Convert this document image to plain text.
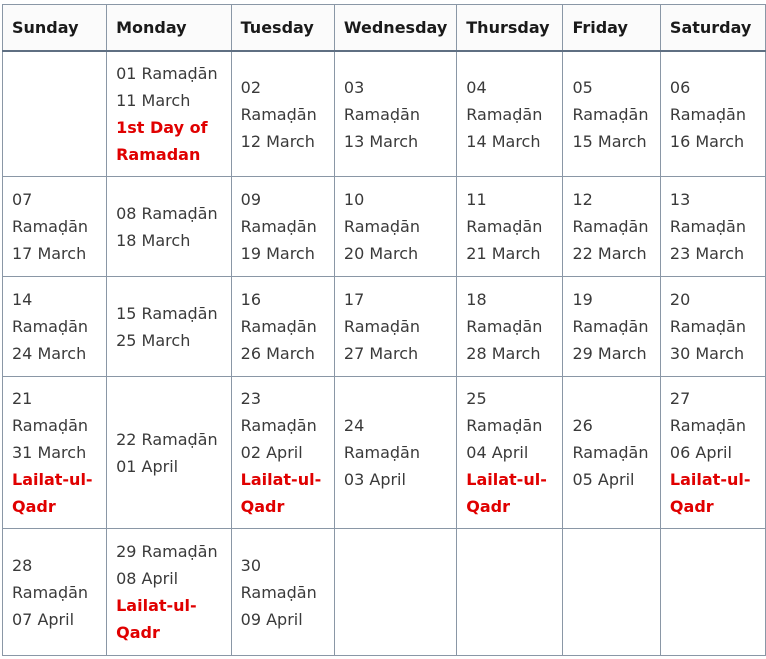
Sunday	Monday	Tuesday	Wednesday	Thursday	Friday	Saturday

	01 Ramaḍān
11 March
1st Day of Ramadan	02
Ramaḍān
12 March	03
Ramaḍān
13 March	04
Ramaḍān
14 March	05
Ramaḍān
15 March	06
Ramaḍān
16 March

07
Ramaḍān
17 March	08 Ramaḍān
18 March	09
Ramaḍān
19 March	10
Ramaḍān
20 March	11
Ramaḍān
21 March	12
Ramaḍān
22 March	13
Ramaḍān
23 March

14
Ramaḍān
24 March	15 Ramaḍān
25 March	16
Ramaḍān
26 March	17
Ramaḍān
27 March	18
Ramaḍān
28 March	19
Ramaḍān
29 March	20
Ramaḍān
30 March

21
Ramaḍān
31 March
Lailat-ul-Qadr	22 Ramaḍān
01 April	23
Ramaḍān
02 April
Lailat-ul-Qadr	24
Ramaḍān
03 April	25
Ramaḍān
04 April
Lailat-ul-Qadr	26
Ramaḍān
05 April	27
Ramaḍān
06 April
Lailat-ul-Qadr

28
Ramaḍān
07 April	29 Ramaḍān
08 April
Lailat-ul-Qadr	30
Ramaḍān
09 April				
